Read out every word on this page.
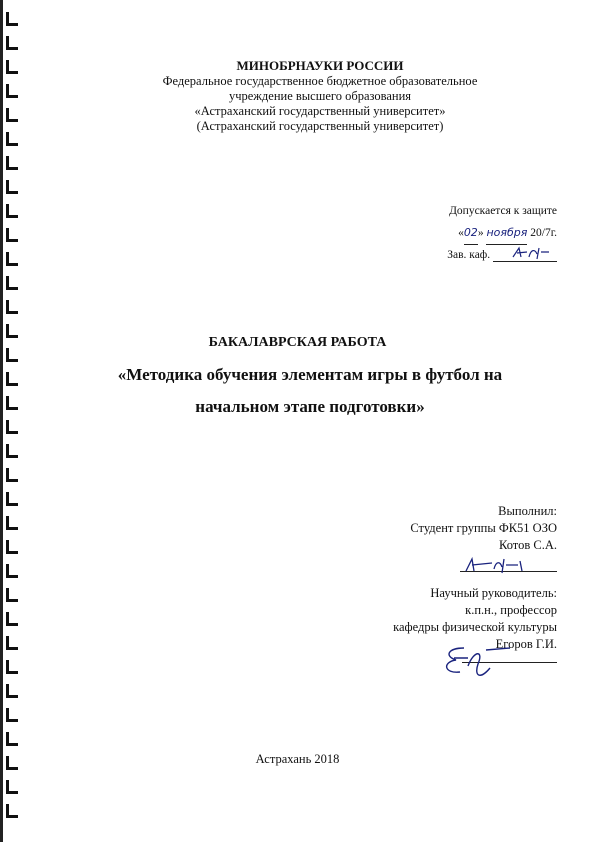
МИНОБРНАУКИ РОССИИ
Федеральное государственное бюджетное образовательное
учреждение высшего образования
«Астраханский государственный университет»
(Астраханский государственный университет)
Допускается к защите
«02» ноября 20/7г.
Зав. каф.
БАКАЛАВРСКАЯ РАБОТА
«Методика обучения элементам игры в футбол на
начальном этапе подготовки»
Выполнил:
Студент группы ФК51 ОЗО
Котов С.А.
Научный руководитель:
к.п.н., профессор
кафедры физической культуры
Егоров Г.И.
Астрахань 2018
